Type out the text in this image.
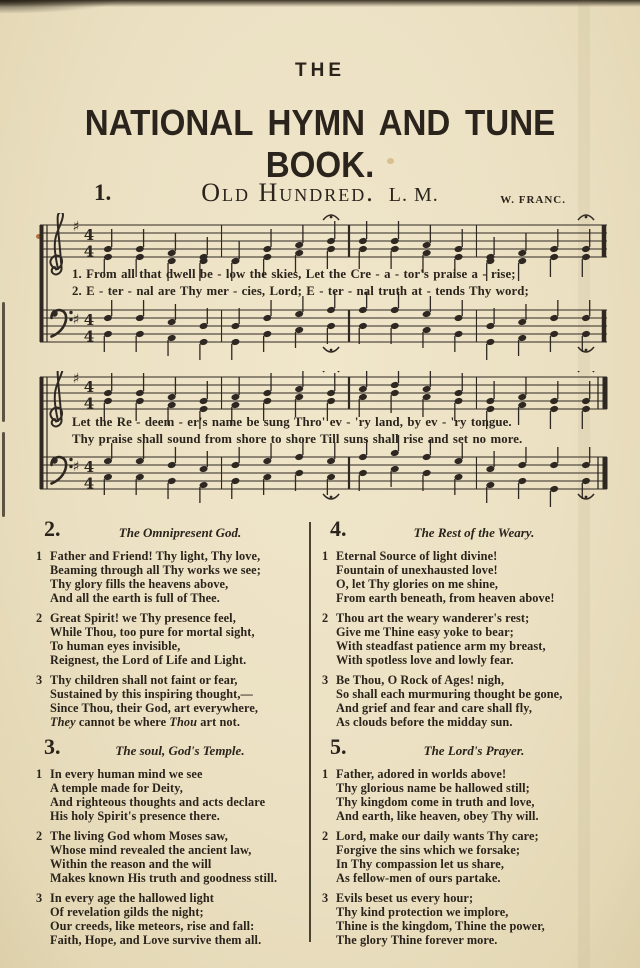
THE
NATIONAL HYMN AND TUNE BOOK.
1.	Old Hundred. L. M.	W. FRANC.
♯
♯
4
4
4
4
1. From all that dwell be - low the skies, Let the Cre - a - tor's praise a - rise;
2. E - ter - nal are Thy mer - cies, Lord; E - ter - nal truth at - tends Thy word;
♯
♯
4
4
4
4
Let the Re - deem - er's name be sung Thro' ev - 'ry land, by ev - 'ry tongue.
Thy praise shall sound from shore to shore Till suns shall rise and set no more.
2.	The Omnipresent God.
1 Father and Friend! Thy light, Thy love,
Beaming through all Thy works we see;
Thy glory fills the heavens above,
And all the earth is full of Thee.
2 Great Spirit! we Thy presence feel,
While Thou, too pure for mortal sight,
To human eyes invisible,
Reignest, the Lord of Life and Light.
3 Thy children shall not faint or fear,
Sustained by this inspiring thought,—
Since Thou, their God, art everywhere,
They cannot be where Thou art not.
3.	The soul, God's Temple.
1 In every human mind we see
A temple made for Deity,
And righteous thoughts and acts declare
His holy Spirit's presence there.
2 The living God whom Moses saw,
Whose mind revealed the ancient law,
Within the reason and the will
Makes known His truth and goodness still.
3 In every age the hallowed light
Of revelation gilds the night;
Our creeds, like meteors, rise and fall:
Faith, Hope, and Love survive them all.
4.	The Rest of the Weary.
1 Eternal Source of light divine!
Fountain of unexhausted love!
O, let Thy glories on me shine,
From earth beneath, from heaven above!
2 Thou art the weary wanderer's rest;
Give me Thine easy yoke to bear;
With steadfast patience arm my breast,
With spotless love and lowly fear.
3 Be Thou, O Rock of Ages! nigh,
So shall each murmuring thought be gone,
And grief and fear and care shall fly,
As clouds before the midday sun.
5.	The Lord's Prayer.
1 Father, adored in worlds above!
Thy glorious name be hallowed still;
Thy kingdom come in truth and love,
And earth, like heaven, obey Thy will.
2 Lord, make our daily wants Thy care;
Forgive the sins which we forsake;
In Thy compassion let us share,
As fellow-men of ours partake.
3 Evils beset us every hour;
Thy kind protection we implore,
Thine is the kingdom, Thine the power,
The glory Thine forever more.
